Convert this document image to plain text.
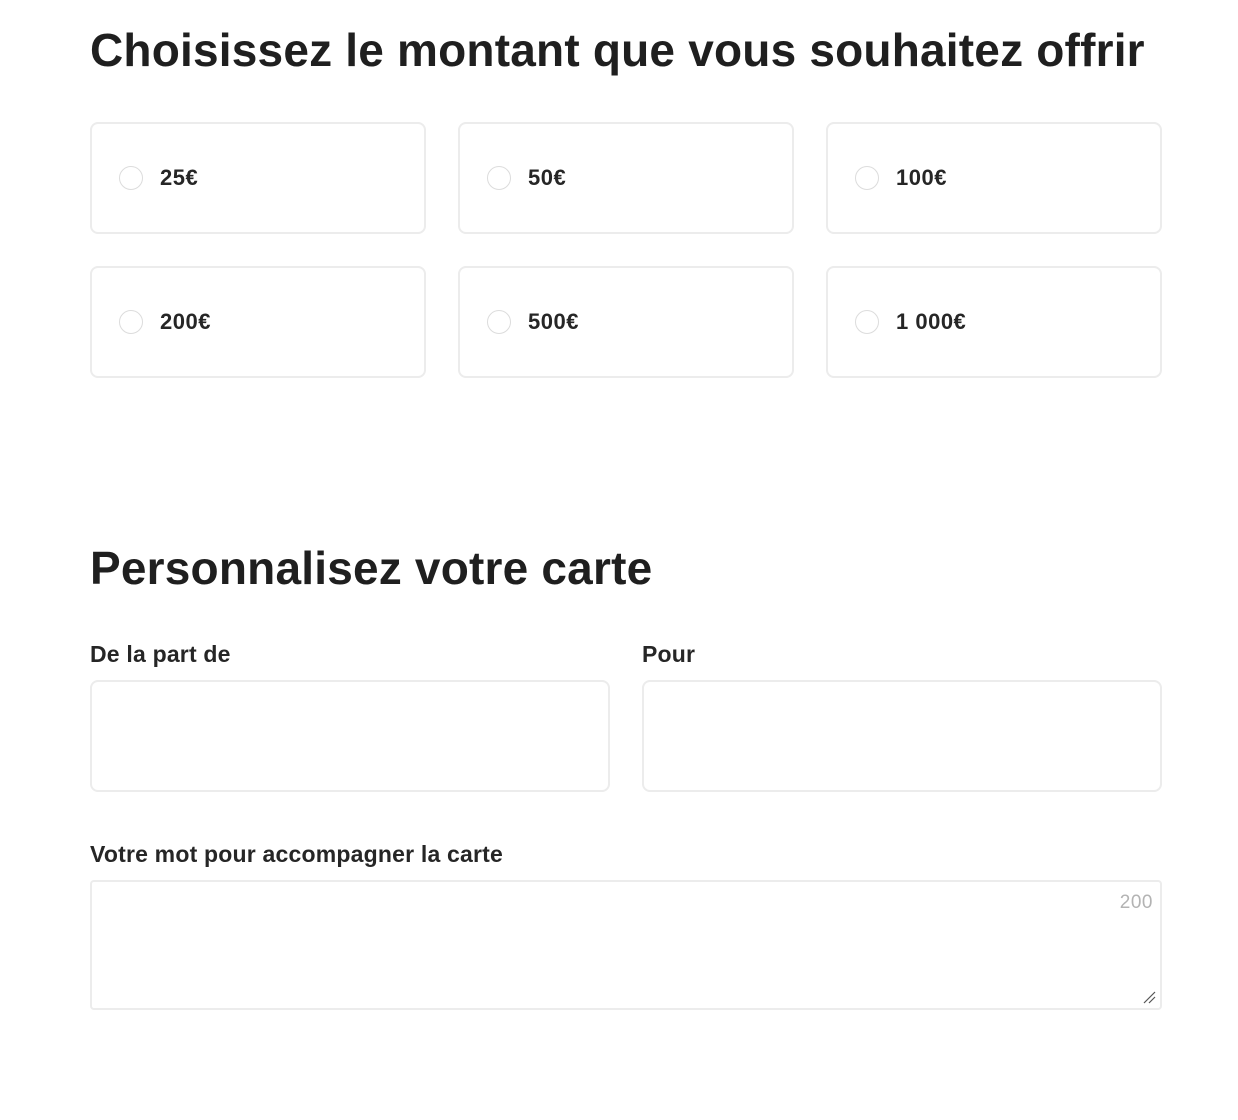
Choisissez le montant que vous souhaitez offrir
25€	50€	100€
200€	500€	1 000€
Personnalisez votre carte
De la part de	Pour
Votre mot pour accompagner la carte
200
